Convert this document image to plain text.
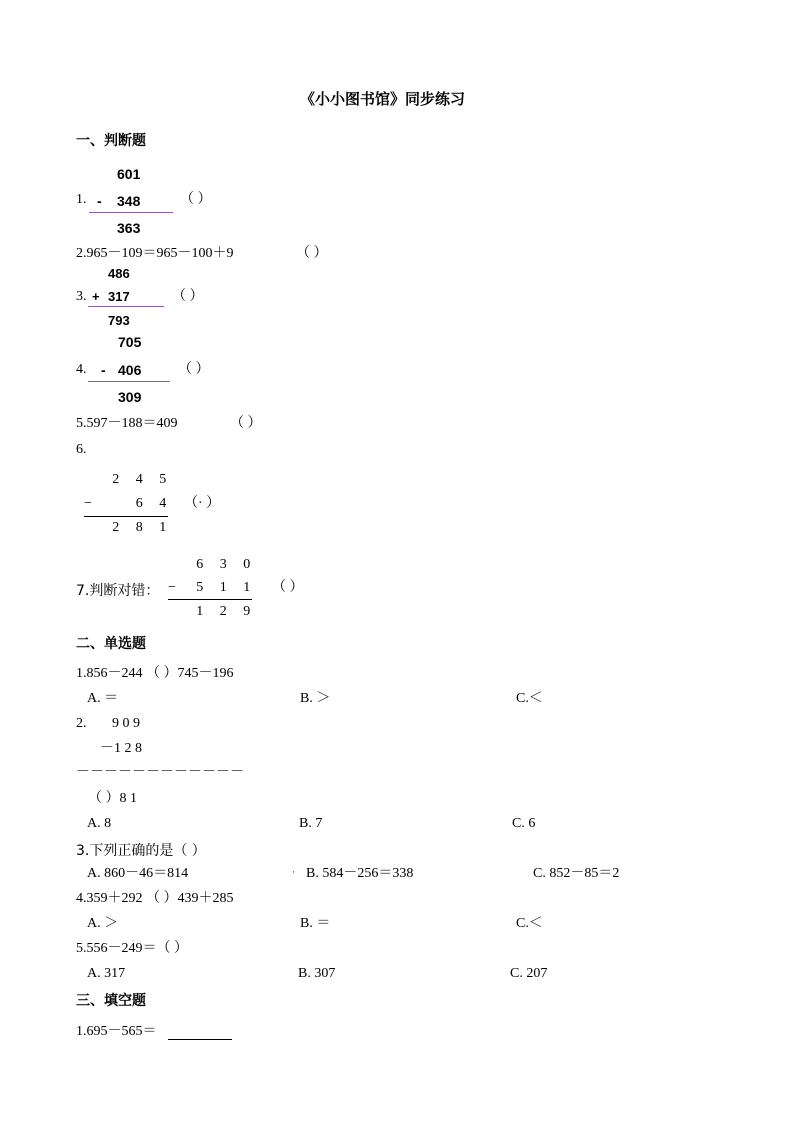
《小小图书馆》同步练习
一、判断题
601
1. - 348	（ ）
363
2.965－109＝965－100＋9	（ ）
486
3. + 317	（ ）
793
705
4. - 406	（ ）
309
5.597－188＝409	（ ）
6.
2 4 5
−	6 4	（· ）
2 8 1
6 3 0
7.判断对错： −	5 1 1	（ ）
1 2 9
二、单选题
1.856－244 （ ）745－196
A. ＝	B. ＞	C.＜
2. 9 0 9
－1 2 8
－－－－－－－－－－－－
（ ）8 1
A. 8	B. 7	C. 6
3.下列正确的是（ ）
A. 860－46＝814	· B. 584－256＝338	C. 852－85＝2
4.359＋292 （ ）439＋285
A. ＞	B. ＝	C.＜
5.556－249＝（ ）
A. 317	B. 307	C. 207
三、填空题
1.695－565＝
